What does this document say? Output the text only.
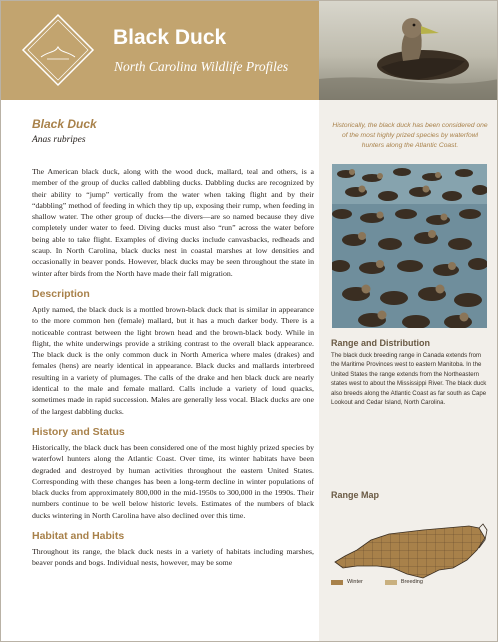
Black Duck
North Carolina Wildlife Profiles
Black Duck
Anas rubripes

The American black duck, along with the wood duck, mallard, teal and others, is a member of the group of ducks called dabbling ducks. Dabbling ducks are recognized by their ability to “jump” vertically from the water when taking flight and by their “dabbling” method of feeding in which they tip up, exposing their rump, when feeding in shallow water. The other group of ducks—the divers—are so named because they dive completely under water to feed. Diving ducks must also “run” across the water before being able to take flight. Examples of diving ducks include canvasbacks, redheads and scaup. In North Carolina, black ducks nest in coastal marshes at low densities and occasionally in beaver ponds. However, black ducks may be seen throughout the state in winter after birds from the North have made their fall migration.

Description

Aptly named, the black duck is a mottled brown-black duck that is similar in appearance to the more common hen (female) mallard, but it has a much darker body. There is a noticeable contrast between the light brown head and the brown-black body. While in flight, the white underwings provide a striking contrast to the overall black appearance. The black duck is the only common duck in North America where males (drakes) and females (hens) are nearly identical in appearance. Black ducks and mallards interbreed resulting in a variety of plumages. The calls of the drake and hen black duck are nearly identical to the male and female mallard. Calls include a variety of loud quacks, sometimes made in rapid succession. Males are generally less vocal. Black ducks are one of the largest dabbling ducks.

History and Status

Historically, the black duck has been considered one of the most highly prized species by waterfowl hunters along the Atlantic Coast. Over time, its winter habitats have been degraded and destroyed by human activities throughout the eastern United States. Corresponding with these changes has been a long-term decline in winter populations of black ducks from approximately 800,000 in the mid-1950s to 300,000 in the 1990s. Their numbers continue to be well below historic levels. Estimates of the numbers of black ducks wintering in North Carolina have also declined over this time.

Habitat and Habits

Throughout its range, the black duck nests in a variety of habitats including marshes, beaver ponds and bogs. Individual nests, however, may be some

Historically, the black duck has been considered one of the most highly prized species by waterfowl hunters along the Atlantic Coast.

Range and Distribution

The black duck breeding range in Canada extends from the Maritime Provinces west to eastern Manitoba. In the United States the range extends from the Northeastern states west to about the Mississippi River. The black duck also breeds along the Atlantic Coast as far south as Cape Lookout and Cedar Island, North Carolina.

Range Map
Winter	Breeding
